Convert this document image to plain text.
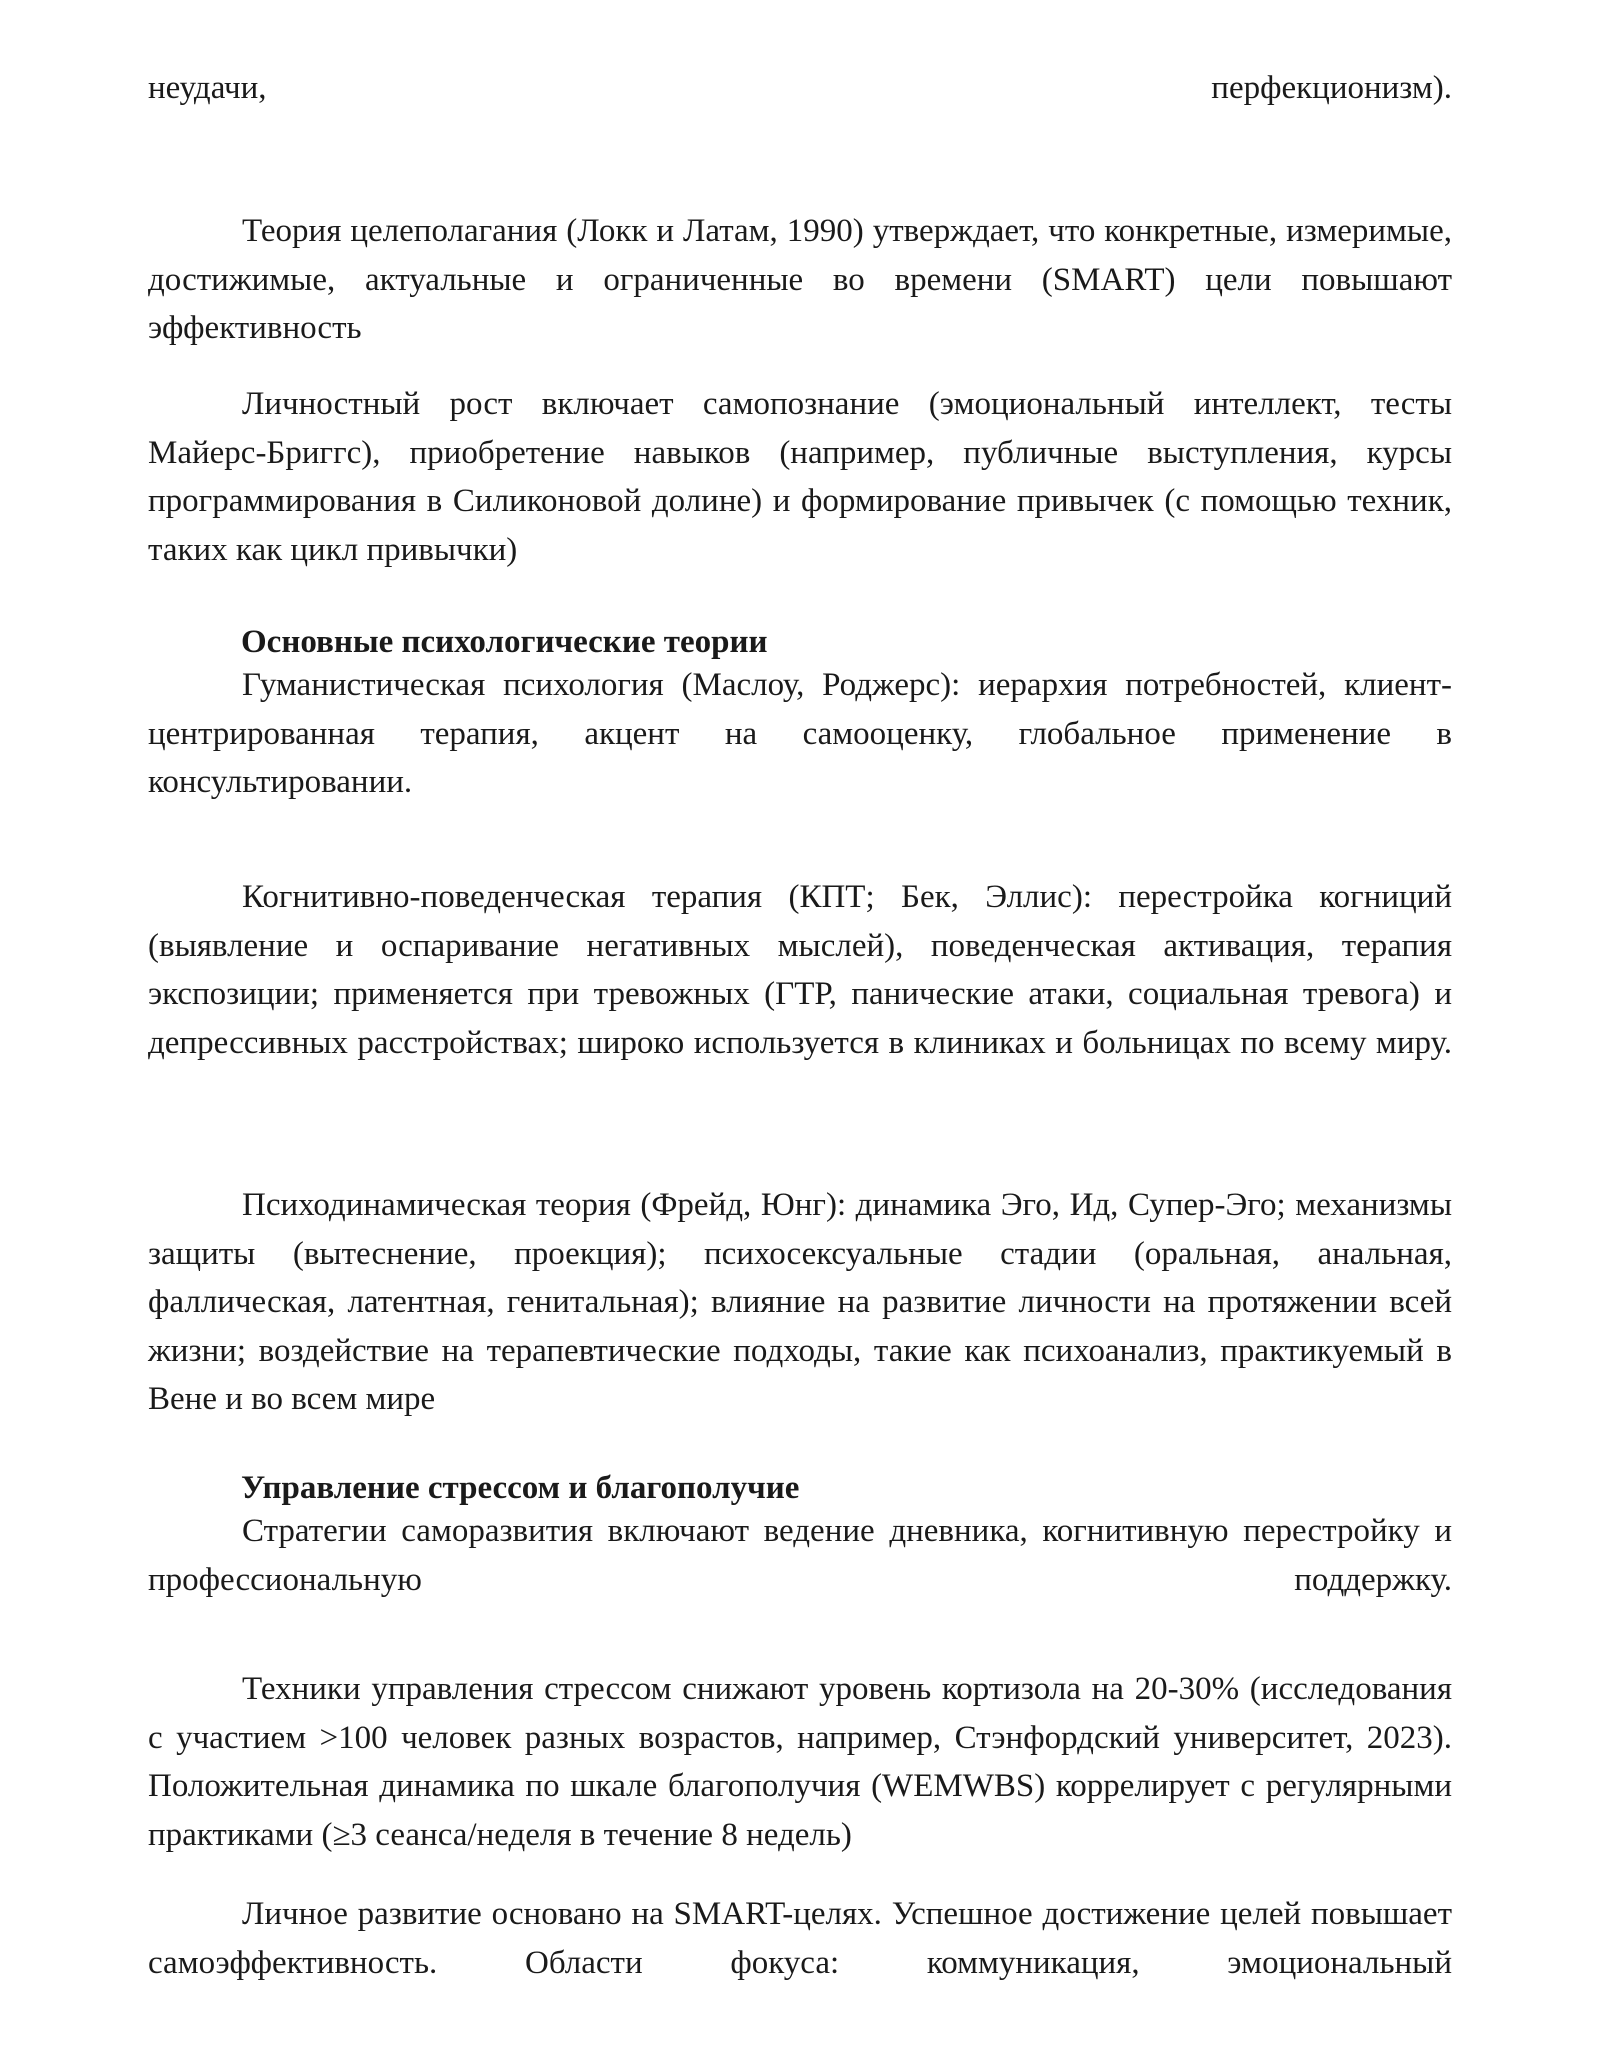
неудачи, перфекционизм).

Теория целеполагания (Локк и Латам, 1990) утверждает, что конкретные, измеримые, достижимые, актуальные и ограниченные во времени (SMART) цели повышают эффективность

Личностный рост включает самопознание (эмоциональный интеллект, тесты Майерс-Бриггс), приобретение навыков (например, публичные выступления, курсы программирования в Силиконовой долине) и формирование привычек (с помощью техник, таких как цикл привычки)

Основные психологические теории

Гуманистическая психология (Маслоу, Роджерс): иерархия потребностей, клиент-центрированная терапия, акцент на самооценку, глобальное применение в консультировании.

Когнитивно-поведенческая терапия (КПТ; Бек, Эллис): перестройка когниций (выявление и оспаривание негативных мыслей), поведенческая активация, терапия экспозиции; применяется при тревожных (ГТР, панические атаки, социальная тревога) и депрессивных расстройствах; широко используется в клиниках и больницах по всему миру.

Психодинамическая теория (Фрейд, Юнг): динамика Эго, Ид, Супер-Эго; механизмы защиты (вытеснение, проекция); психосексуальные стадии (оральная, анальная, фаллическая, латентная, генитальная); влияние на развитие личности на протяжении всей жизни; воздействие на терапевтические подходы, такие как психоанализ, практикуемый в Вене и во всем мире

Управление стрессом и благополучие

Стратегии саморазвития включают ведение дневника, когнитивную перестройку и профессиональную поддержку.

Техники управления стрессом снижают уровень кортизола на 20-30% (исследования с участием >100 человек разных возрастов, например, Стэнфордский университет, 2023). Положительная динамика по шкале благополучия (WEMWBS) коррелирует с регулярными практиками (≥3 сеанса/неделя в течение 8 недель)

Личное развитие основано на SMART-целях. Успешное достижение целей повышает самоэффективность. Области фокуса: коммуникация, эмоциональный
